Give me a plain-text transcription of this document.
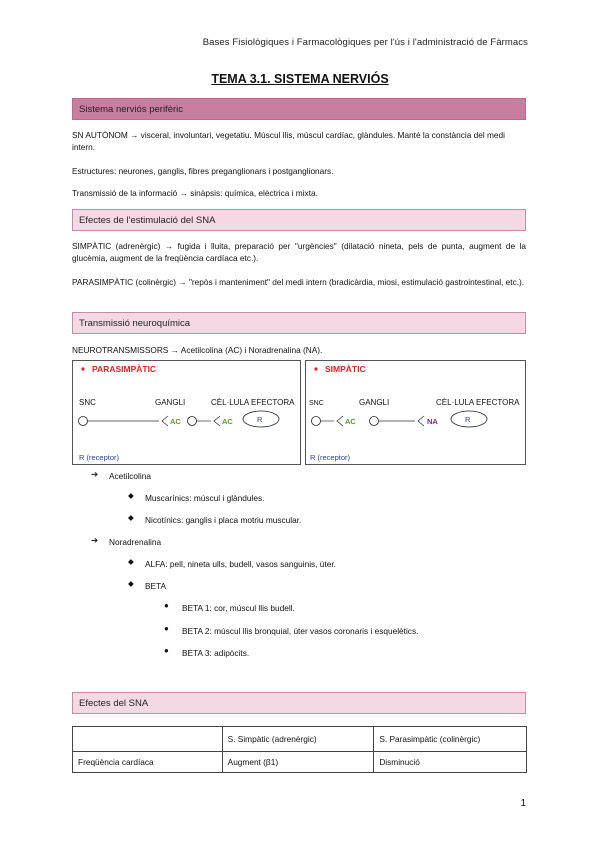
Bases Fisiològiques i Farmacològiques per l'ús i l'administració de Fàrmacs
TEMA 3.1. SISTEMA NERVIÓS
Sistema nerviós perifèric
SN AUTÒNOM → visceral, involuntari, vegetatiu. Múscul llis, múscul cardíac, glàndules. Manté la constància del medi intern.
Estructures: neurones, ganglis, fibres preganglionars i postganglionars.
Transmissió de la informació → sinàpsis: química, elèctrica i mixta.
Efectes de l'estimulació del SNA
SIMPÀTIC (adrenèrgic) → fugida i lluita, preparació per "urgències" (dilatació nineta, pels de punta, augment de la glucèmia, augment de la freqüència cardíaca etc.).
PARASIMPÀTIC (colinèrgic) → "repòs i manteniment" del medi intern (bradicàrdia, miosi, estimulació gastrointestinal, etc.).
Transmissió neuroquímica
NEUROTRANSMISSORS → Acetilcolina (AC) i Noradrenalina (NA).
PARASIMPÀTIC
SNC	GANGLI	CÈL·LULA EFECTORA
AC	AC	R
R (receptor)
SIMPÀTIC
SNC	GANGLI	CÈL·LULA EFECTORA
AC	NA	R
R (receptor)
➔ Acetilcolina
◆ Muscarínics: múscul i glàndules.
◆ Nicotínics: ganglis i placa motriu muscular.
➔ Noradrenalina
◆ ALFA: pell, nineta ulls, budell, vasos sanguinis, úter.
◆ BETA
● BETA 1: cor, múscul llis budell.
● BETA 2: múscul llis bronquial, úter vasos coronaris i esquelètics.
● BETA 3: adipòcits.
Efectes del SNA
	S. Simpàtic (adrenèrgic)	S. Parasimpàtic (colinèrgic)
Freqüència cardíaca	Augment (β1)	Disminució
1
